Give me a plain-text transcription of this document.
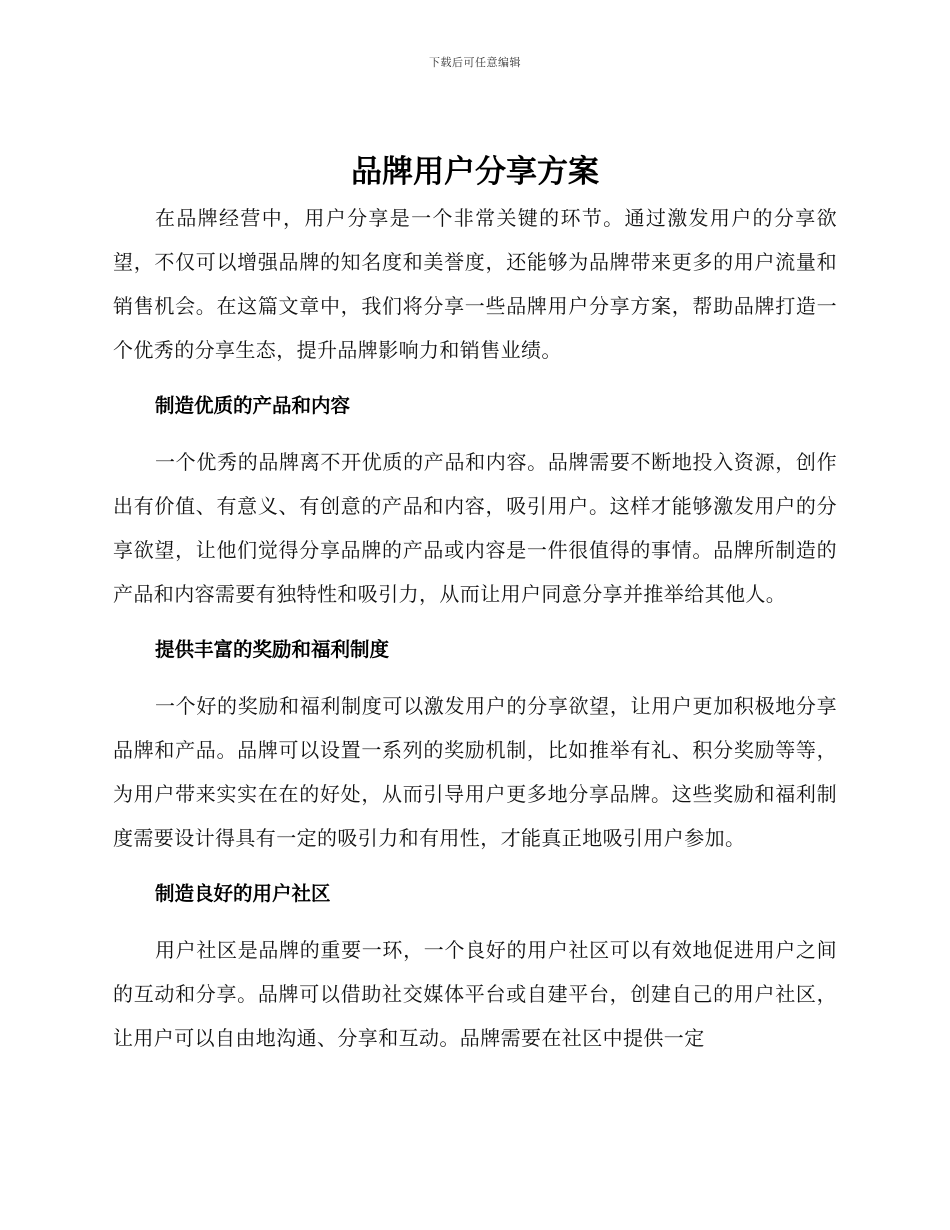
下载后可任意编辑
品牌用户分享方案

在品牌经营中，用户分享是一个非常关键的环节。通过激发用户的分享欲望，不仅可以增强品牌的知名度和美誉度，还能够为品牌带来更多的用户流量和销售机会。在这篇文章中，我们将分享一些品牌用户分享方案，帮助品牌打造一个优秀的分享生态，提升品牌影响力和销售业绩。

制造优质的产品和内容

一个优秀的品牌离不开优质的产品和内容。品牌需要不断地投入资源，创作出有价值、有意义、有创意的产品和内容，吸引用户。这样才能够激发用户的分享欲望，让他们觉得分享品牌的产品或内容是一件很值得的事情。品牌所制造的产品和内容需要有独特性和吸引力，从而让用户同意分享并推举给其他人。

提供丰富的奖励和福利制度

一个好的奖励和福利制度可以激发用户的分享欲望，让用户更加积极地分享品牌和产品。品牌可以设置一系列的奖励机制，比如推举有礼、积分奖励等等，为用户带来实实在在的好处，从而引导用户更多地分享品牌。这些奖励和福利制度需要设计得具有一定的吸引力和有用性，才能真正地吸引用户参加。

制造良好的用户社区

用户社区是品牌的重要一环，一个良好的用户社区可以有效地促进用户之间的互动和分享。品牌可以借助社交媒体平台或自建平台，创建自己的用户社区，让用户可以自由地沟通、分享和互动。品牌需要在社区中提供一定
